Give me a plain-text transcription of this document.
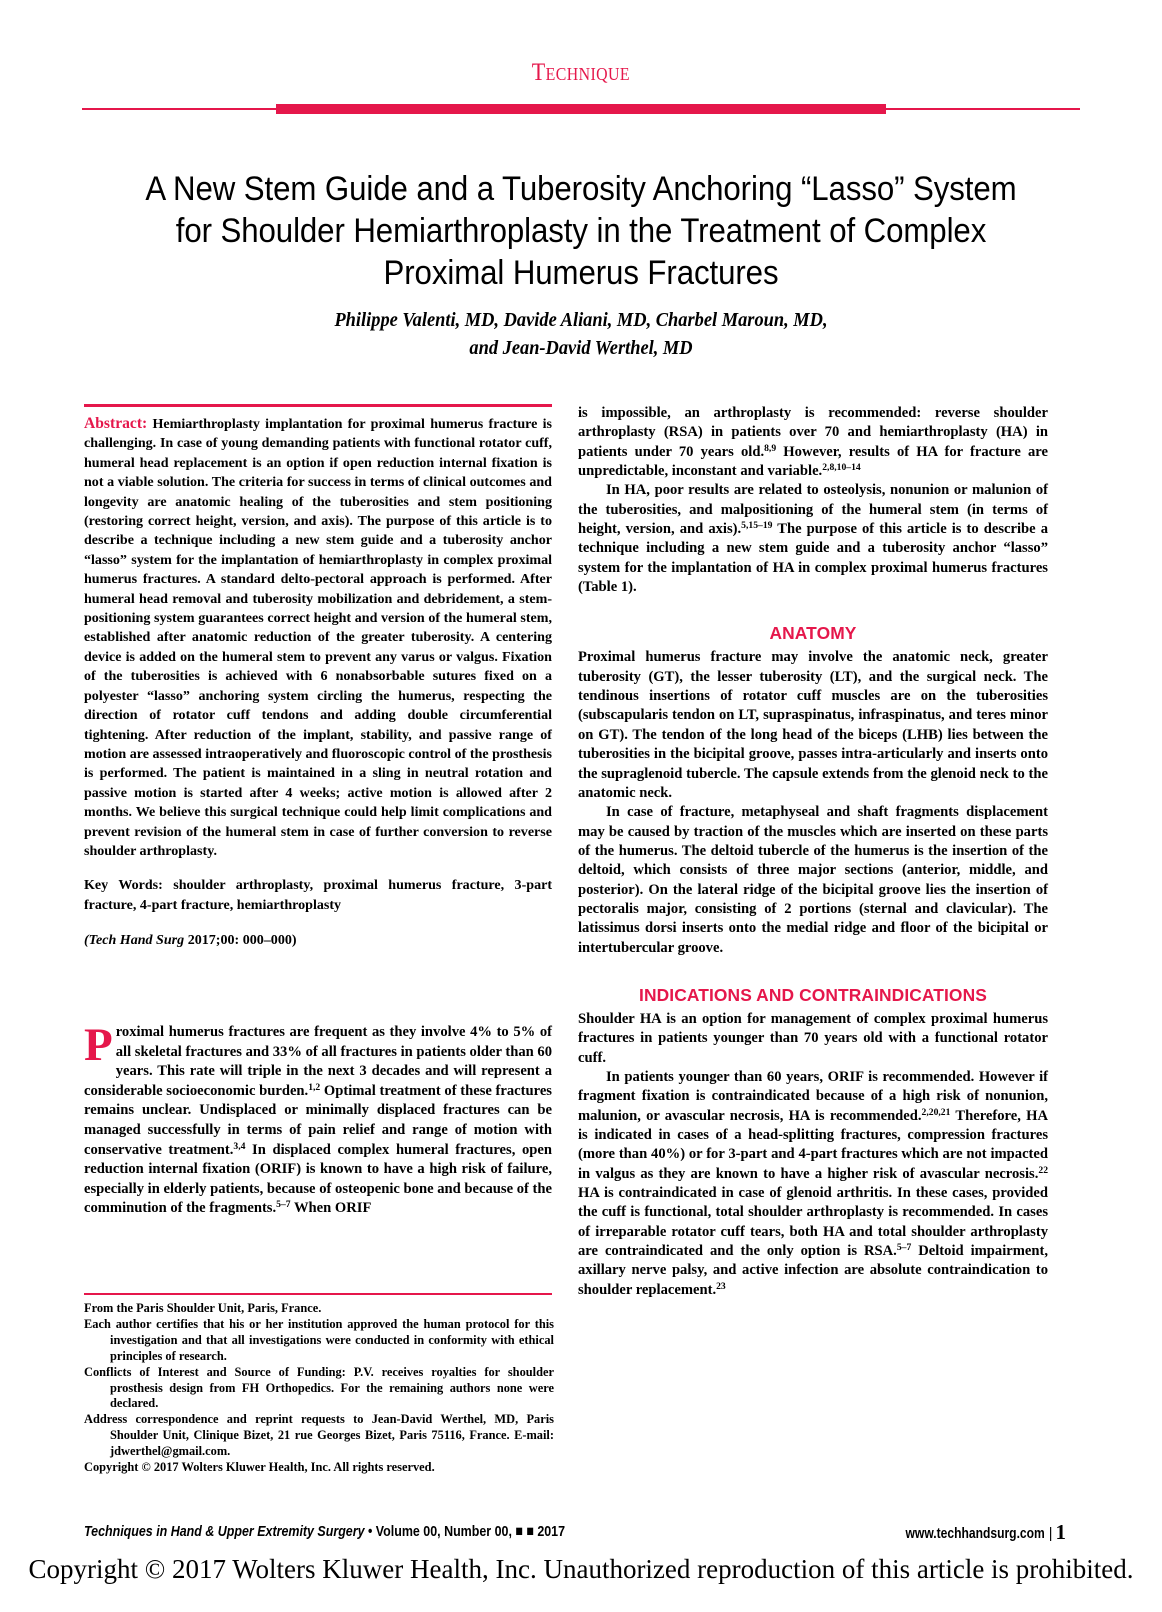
Technique
A New Stem Guide and a Tuberosity Anchoring “Lasso” System for Shoulder Hemiarthroplasty in the Treatment of Complex Proximal Humerus Fractures
Philippe Valenti, MD, Davide Aliani, MD, Charbel Maroun, MD,
and Jean-David Werthel, MD

Abstract: Hemiarthroplasty implantation for proximal humerus fracture is challenging. In case of young demanding patients with functional rotator cuff, humeral head replacement is an option if open reduction internal fixation is not a viable solution. The criteria for success in terms of clinical outcomes and longevity are anatomic healing of the tuberosities and stem positioning (restoring correct height, version, and axis). The purpose of this article is to describe a technique including a new stem guide and a tuberosity anchor “lasso” system for the implantation of hemiarthroplasty in complex proximal humerus fractures. A standard delto-pectoral approach is performed. After humeral head removal and tuberosity mobilization and debridement, a stem-positioning system guarantees correct height and version of the humeral stem, established after anatomic reduction of the greater tuberosity. A centering device is added on the humeral stem to prevent any varus or valgus. Fixation of the tuberosities is achieved with 6 nonabsorbable sutures fixed on a polyester “lasso” anchoring system circling the humerus, respecting the direction of rotator cuff tendons and adding double circumferential tightening. After reduction of the implant, stability, and passive range of motion are assessed intraoperatively and fluoroscopic control of the prosthesis is performed. The patient is maintained in a sling in neutral rotation and passive motion is started after 4 weeks; active motion is allowed after 2 months. We believe this surgical technique could help limit complications and prevent revision of the humeral stem in case of further conversion to reverse shoulder arthroplasty.

Key Words: shoulder arthroplasty, proximal humerus fracture, 3-part fracture, 4-part fracture, hemiarthroplasty

(Tech Hand Surg 2017;00: 000–000)

Proximal humerus fractures are frequent as they involve 4% to 5% of all skeletal fractures and 33% of all fractures in patients older than 60 years. This rate will triple in the next 3 decades and will represent a considerable socioeconomic burden.$^{1,2}$ Optimal treatment of these fractures remains unclear. Undisplaced or minimally displaced fractures can be managed successfully in terms of pain relief and range of motion with conservative treatment.$^{3,4}$ In displaced complex humeral fractures, open reduction internal fixation (ORIF) is known to have a high risk of failure, especially in elderly patients, because of osteopenic bone and because of the comminution of the fragments.$^{5-7}$ When ORIF

From the Paris Shoulder Unit, Paris, France.

Each author certifies that his or her institution approved the human protocol for this investigation and that all investigations were conducted in conformity with ethical principles of research.

Conflicts of Interest and Source of Funding: P.V. receives royalties for shoulder prosthesis design from FH Orthopedics. For the remaining authors none were declared.

Address correspondence and reprint requests to Jean-David Werthel, MD, Paris Shoulder Unit, Clinique Bizet, 21 rue Georges Bizet, Paris 75116, France. E-mail: jdwerthel@gmail.com.

Copyright © 2017 Wolters Kluwer Health, Inc. All rights reserved.

is impossible, an arthroplasty is recommended: reverse shoulder arthroplasty (RSA) in patients over 70 and hemiarthroplasty (HA) in patients under 70 years old.$^{8,9}$ However, results of HA for fracture are unpredictable, inconstant and variable.$^{2,8,10-14}$

In HA, poor results are related to osteolysis, nonunion or malunion of the tuberosities, and malpositioning of the humeral stem (in terms of height, version, and axis).$^{5,15-19}$ The purpose of this article is to describe a technique including a new stem guide and a tuberosity anchor “lasso” system for the implantation of HA in complex proximal humerus fractures (Table 1).

ANATOMY

Proximal humerus fracture may involve the anatomic neck, greater tuberosity (GT), the lesser tuberosity (LT), and the surgical neck. The tendinous insertions of rotator cuff muscles are on the tuberosities (subscapularis tendon on LT, supraspinatus, infraspinatus, and teres minor on GT). The tendon of the long head of the biceps (LHB) lies between the tuberosities in the bicipital groove, passes intra-articularly and inserts onto the supraglenoid tubercle. The capsule extends from the glenoid neck to the anatomic neck.

In case of fracture, metaphyseal and shaft fragments displacement may be caused by traction of the muscles which are inserted on these parts of the humerus. The deltoid tubercle of the humerus is the insertion of the deltoid, which consists of three major sections (anterior, middle, and posterior). On the lateral ridge of the bicipital groove lies the insertion of pectoralis major, consisting of 2 portions (sternal and clavicular). The latissimus dorsi inserts onto the medial ridge and floor of the bicipital or intertubercular groove.

INDICATIONS AND CONTRAINDICATIONS

Shoulder HA is an option for management of complex proximal humerus fractures in patients younger than 70 years old with a functional rotator cuff.

In patients younger than 60 years, ORIF is recommended. However if fragment fixation is contraindicated because of a high risk of nonunion, malunion, or avascular necrosis, HA is recommended.$^{2,20,21}$ Therefore, HA is indicated in cases of a head-splitting fractures, compression fractures (more than 40%) or for 3-part and 4-part fractures which are not impacted in valgus as they are known to have a higher risk of avascular necrosis.$^{22}$ HA is contraindicated in case of glenoid arthritis. In these cases, provided the cuff is functional, total shoulder arthroplasty is recommended. In cases of irreparable rotator cuff tears, both HA and total shoulder arthroplasty are contraindicated and the only option is RSA.$^{5-7}$ Deltoid impairment, axillary nerve palsy, and active infection are absolute contraindication to shoulder replacement.$^{23}$

Techniques in Hand & Upper Extremity Surgery • Volume 00, Number 00, ■ ■ 2017	www.techhandsurg.com | 1
Copyright © 2017 Wolters Kluwer Health, Inc. Unauthorized reproduction of this article is prohibited.
